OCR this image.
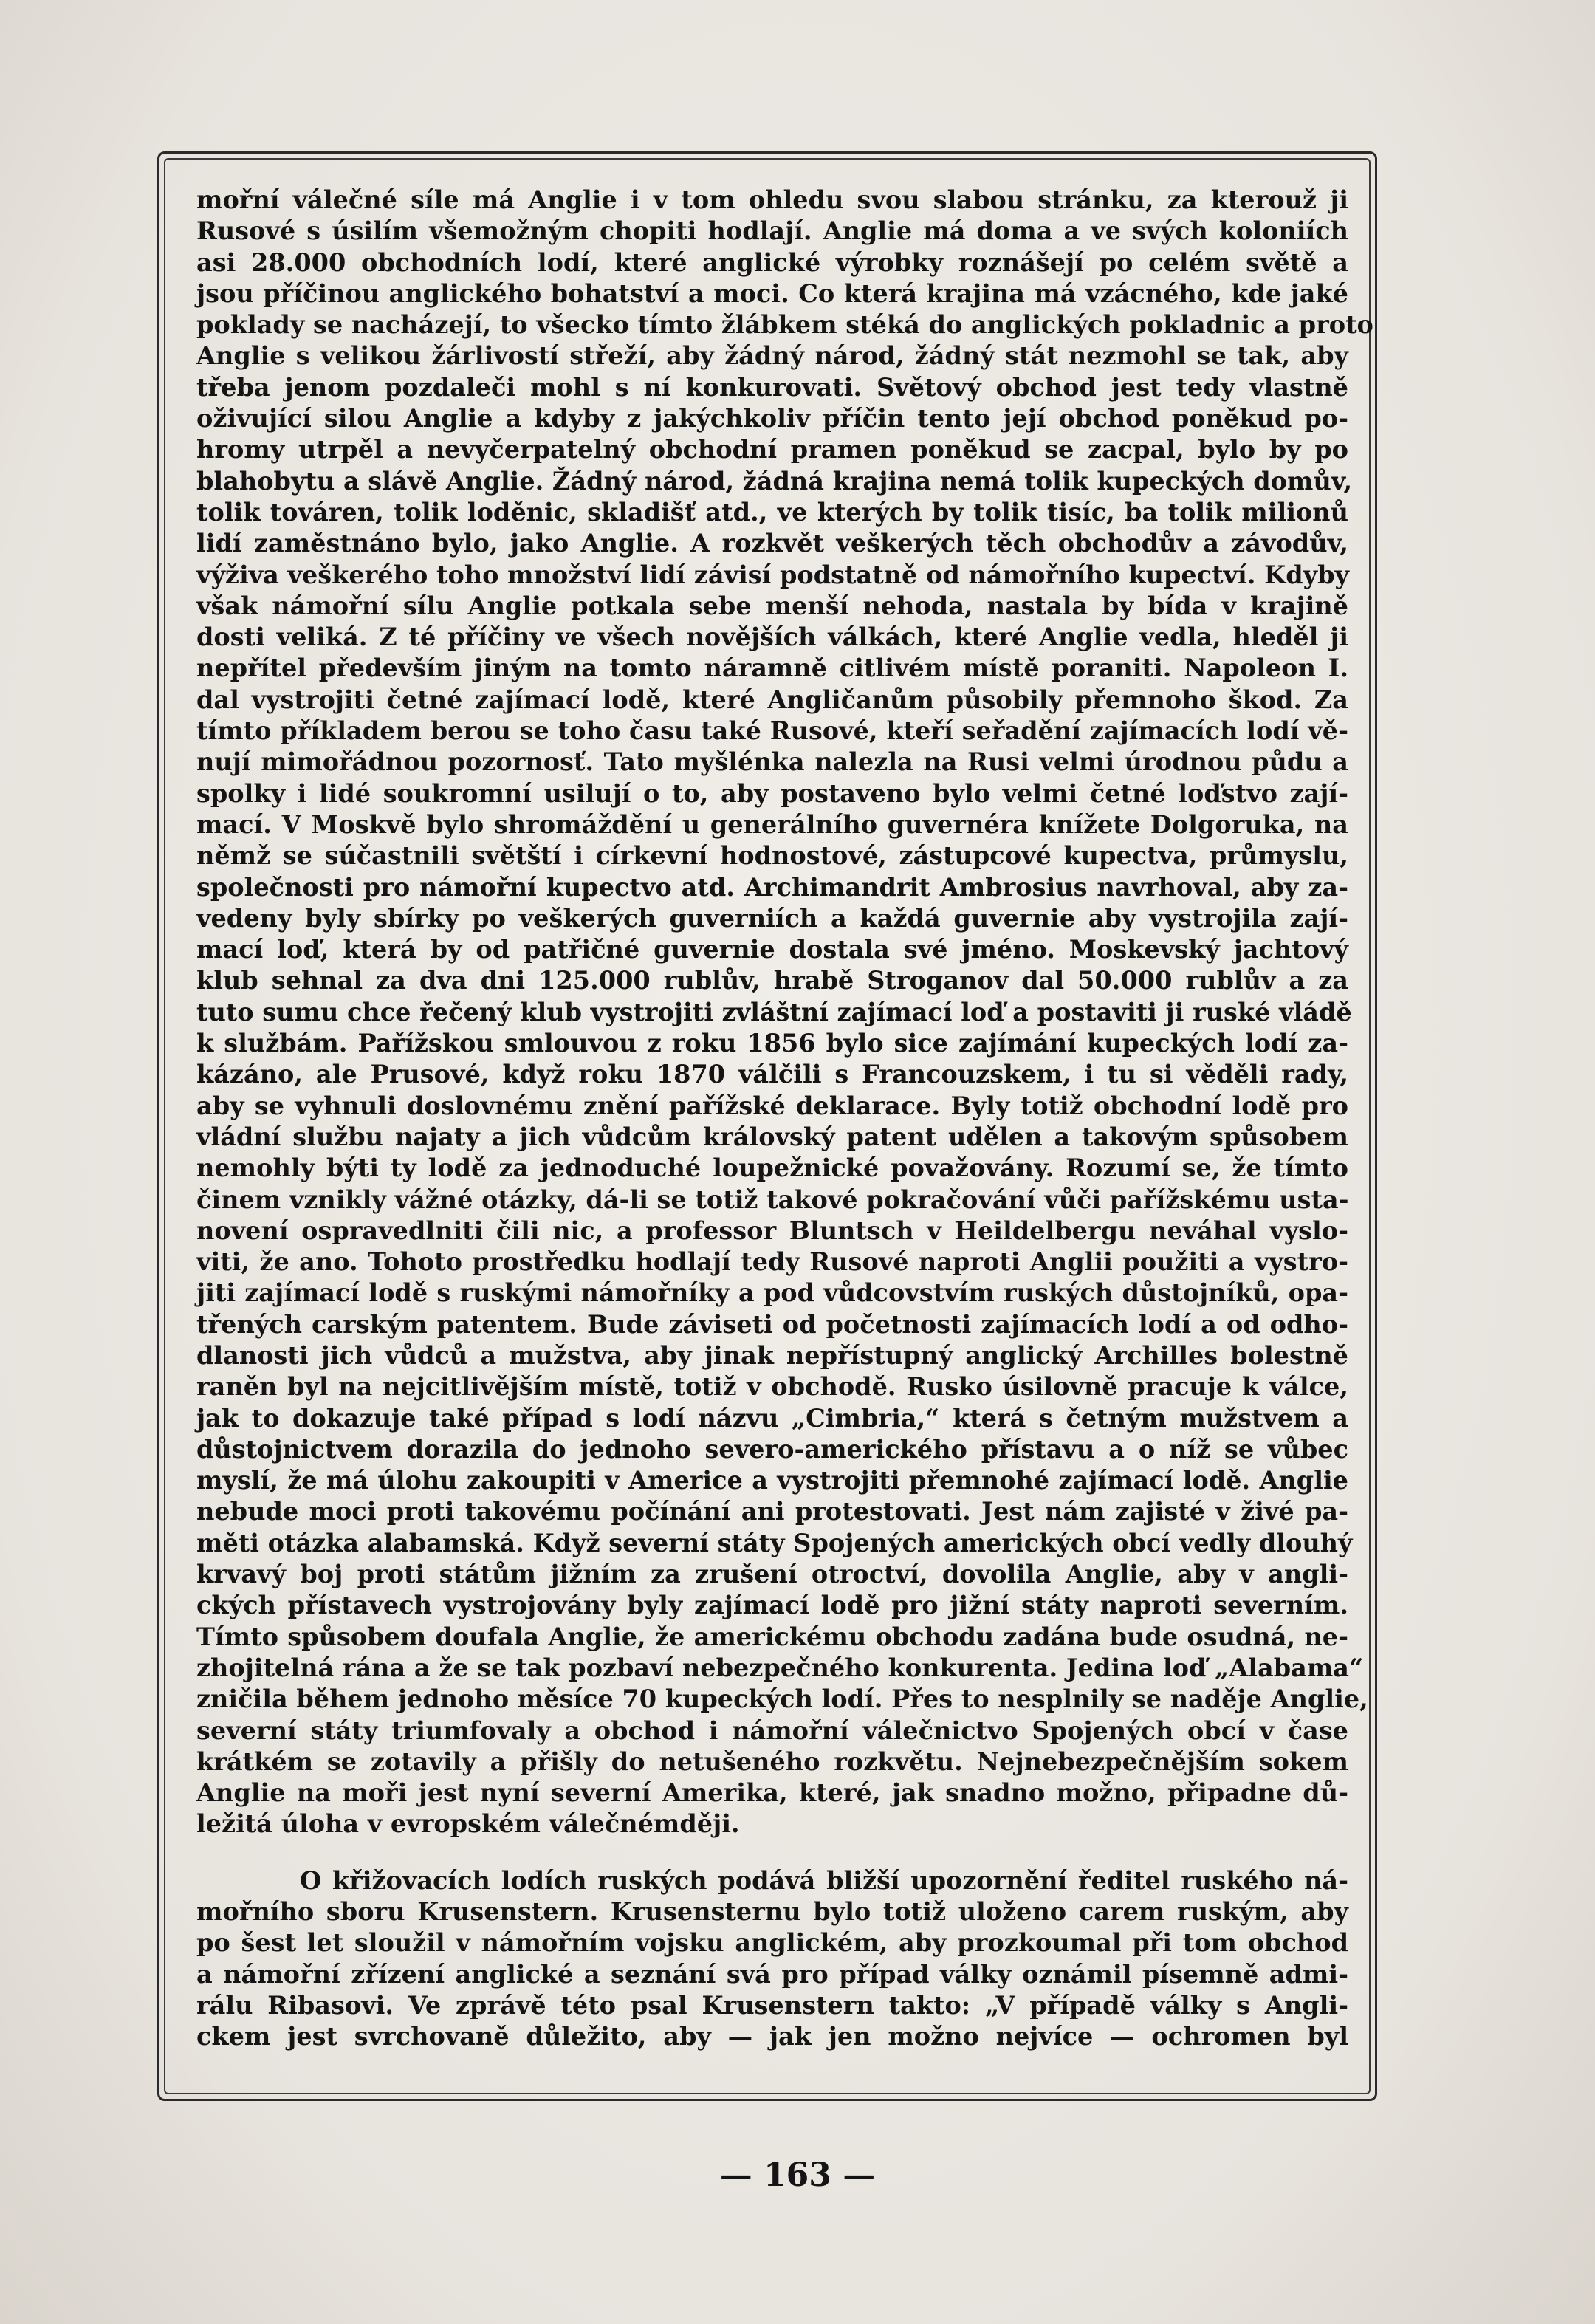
mořní válečné síle má Anglie i v tom ohledu svou slabou stránku, za kterouž ji
Rusové s úsilím všemožným chopiti hodlají. Anglie má doma a ve svých koloniích
asi 28.000 obchodních lodí, které anglické výrobky roznášejí po celém světě a
jsou příčinou anglického bohatství a moci. Co která krajina má vzácného, kde jaké
poklady se nacházejí, to všecko tímto žlábkem stéká do anglických pokladnic a proto
Anglie s velikou žárlivostí střeží, aby žádný národ, žádný stát nezmohl se tak, aby
třeba jenom pozdaleči mohl s ní konkurovati. Světový obchod jest tedy vlastně
oživující silou Anglie a kdyby z jakýchkoliv příčin tento její obchod poněkud po-
hromy utrpěl a nevyčerpatelný obchodní pramen poněkud se zacpal, bylo by po
blahobytu a slávě Anglie. Žádný národ, žádná krajina nemá tolik kupeckých domův,
tolik továren, tolik loděnic, skladišť atd., ve kterých by tolik tisíc, ba tolik milionů
lidí zaměstnáno bylo, jako Anglie. A rozkvět veškerých těch obchodův a závodův,
výživa veškerého toho množství lidí závisí podstatně od námořního kupectví. Kdyby
však námořní sílu Anglie potkala sebe menší nehoda, nastala by bída v krajině
dosti veliká. Z té příčiny ve všech novějších válkách, které Anglie vedla, hleděl ji
nepřítel především jiným na tomto náramně citlivém místě poraniti. Napoleon I.
dal vystrojiti četné zajímací lodě, které Angličanům působily přemnoho škod. Za
tímto příkladem berou se toho času také Rusové, kteří seřadění zajímacích lodí vě-
nují mimořádnou pozornosť. Tato myšlénka nalezla na Rusi velmi úrodnou půdu a
spolky i lidé soukromní usilují o to, aby postaveno bylo velmi četné loďstvo zají-
mací. V Moskvě bylo shromáždění u generálního guvernéra knížete Dolgoruka, na
němž se súčastnili světští i církevní hodnostové, zástupcové kupectva, průmyslu,
společnosti pro námořní kupectvo atd. Archimandrit Ambrosius navrhoval, aby za-
vedeny byly sbírky po veškerých guverniích a každá guvernie aby vystrojila zají-
mací loď, která by od patřičné guvernie dostala své jméno. Moskevský jachtový
klub sehnal za dva dni 125.000 rublův, hrabě Stroganov dal 50.000 rublův a za
tuto sumu chce řečený klub vystrojiti zvláštní zajímací loď a postaviti ji ruské vládě
k službám. Pařížskou smlouvou z roku 1856 bylo sice zajímání kupeckých lodí za-
kázáno, ale Prusové, když roku 1870 válčili s Francouzskem, i tu si věděli rady,
aby se vyhnuli doslovnému znění pařížské deklarace. Byly totiž obchodní lodě pro
vládní službu najaty a jich vůdcům královský patent udělen a takovým spůsobem
nemohly býti ty lodě za jednoduché loupežnické považovány. Rozumí se, že tímto
činem vznikly vážné otázky, dá-li se totiž takové pokračování vůči pařížskému usta-
novení ospravedlniti čili nic, a professor Bluntsch v Heildelbergu neváhal vyslo-
viti, že ano. Tohoto prostředku hodlají tedy Rusové naproti Anglii použiti a vystro-
jiti zajímací lodě s ruskými námořníky a pod vůdcovstvím ruských důstojníků, opa-
třených carským patentem. Bude záviseti od početnosti zajímacích lodí a od odho-
dlanosti jich vůdců a mužstva, aby jinak nepřístupný anglický Archilles bolestně
raněn byl na nejcitlivějším místě, totiž v obchodě. Rusko úsilovně pracuje k válce,
jak to dokazuje také případ s lodí názvu „Cimbria,“ která s četným mužstvem a
důstojnictvem dorazila do jednoho severo-amerického přístavu a o níž se vůbec
myslí, že má úlohu zakoupiti v Americe a vystrojiti přemnohé zajímací lodě. Anglie
nebude moci proti takovému počínání ani protestovati. Jest nám zajisté v živé pa-
měti otázka alabamská. Když severní státy Spojených amerických obcí vedly dlouhý
krvavý boj proti státům jižním za zrušení otroctví, dovolila Anglie, aby v angli-
ckých přístavech vystrojovány byly zajímací lodě pro jižní státy naproti severním.
Tímto spůsobem doufala Anglie, že americkému obchodu zadána bude osudná, ne-
zhojitelná rána a že se tak pozbaví nebezpečného konkurenta. Jedina loď „Alabama“
zničila během jednoho měsíce 70 kupeckých lodí. Přes to nesplnily se naděje Anglie,
severní státy triumfovaly a obchod i námořní válečnictvo Spojených obcí v čase
krátkém se zotavily a přišly do netušeného rozkvětu. Nejnebezpečnějším sokem
Anglie na moři jest nyní severní Amerika, které, jak snadno možno, připadne dů-
ležitá úloha v evropském válečnémději.
O křižovacích lodích ruských podává bližší upozornění ředitel ruského ná-
mořního sboru Krusenstern. Krusensternu bylo totiž uloženo carem ruským, aby
po šest let sloužil v námořním vojsku anglickém, aby prozkoumal při tom obchod
a námořní zřízení anglické a seznání svá pro případ války oznámil písemně admi-
rálu Ribasovi. Ve zprávě této psal Krusenstern takto: „V případě války s Angli-
ckem jest svrchovaně důležito, aby — jak jen možno nejvíce — ochromen byl
— 163 —
